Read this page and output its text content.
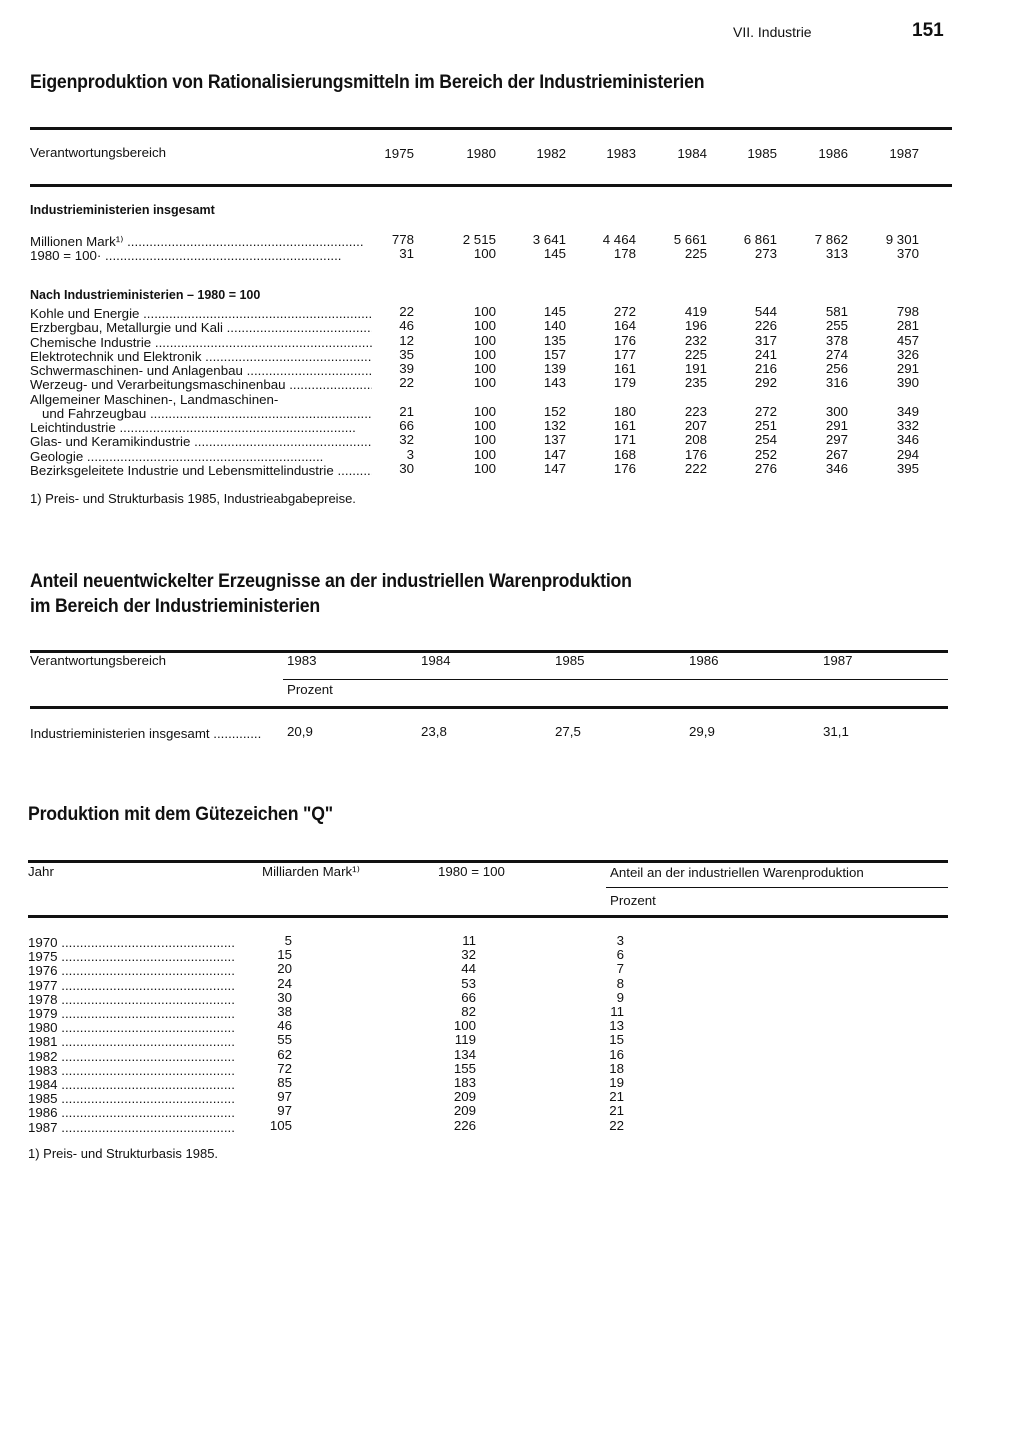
VII. Industrie	151
Eigenproduktion von Rationalisierungsmitteln im Bereich der Industrieministerien
Verantwortungsbereich	1975	1980	1982	1983	1984	1985	1986	1987
Industrieministerien insgesamt
Millionen Mark¹⁾ .....	778	2 515	3 641	4 464	5 661	6 861	7 862	9 301
1980 = 100· .....	31	100	145	178	225	273	313	370
Nach Industrieministerien – 1980 = 100
Kohle und Energie .....	22	100	145	272	419	544	581	798
Erzbergbau, Metallurgie und Kali .....	46	100	140	164	196	226	255	281
Chemische Industrie .....	12	100	135	176	232	317	378	457
Elektrotechnik und Elektronik .....	35	100	157	177	225	241	274	326
Schwermaschinen- und Anlagenbau .....	39	100	139	161	191	216	256	291
Werzeug- und Verarbeitungsmaschinenbau .....	22	100	143	179	235	292	316	390
Allgemeiner Maschinen-, Landmaschinen-
und Fahrzeugbau .....	21	100	152	180	223	272	300	349
Leichtindustrie .....	66	100	132	161	207	251	291	332
Glas- und Keramikindustrie .....	32	100	137	171	208	254	297	346
Geologie .....	3	100	147	168	176	252	267	294
Bezirksgeleitete Industrie und Lebensmittelindustrie .....	30	100	147	176	222	276	346	395
1) Preis- und Strukturbasis 1985, Industrieabgabepreise.
Anteil neuentwickelter Erzeugnisse an der industriellen Warenproduktion
im Bereich der Industrieministerien
Verantwortungsbereich	1983	1984	1985	1986	1987
Prozent
Industrieministerien insgesamt .....	20,9	23,8	27,5	29,9	31,1
Produktion mit dem Gütezeichen "Q"
Jahr	Milliarden Mark¹⁾	1980 = 100	Anteil an der industriellen Warenproduktion
Prozent
1970 .....	5	11	3
1975 .....	15	32	6
1976 .....	20	44	7
1977 .....	24	53	8
1978 .....	30	66	9
1979 .....	38	82	11
1980 .....	46	100	13
1981 .....	55	119	15
1982 .....	62	134	16
1983 .....	72	155	18
1984 .....	85	183	19
1985 .....	97	209	21
1986 .....	97	209	21
1987 .....	105	226	22
1) Preis- und Strukturbasis 1985.
